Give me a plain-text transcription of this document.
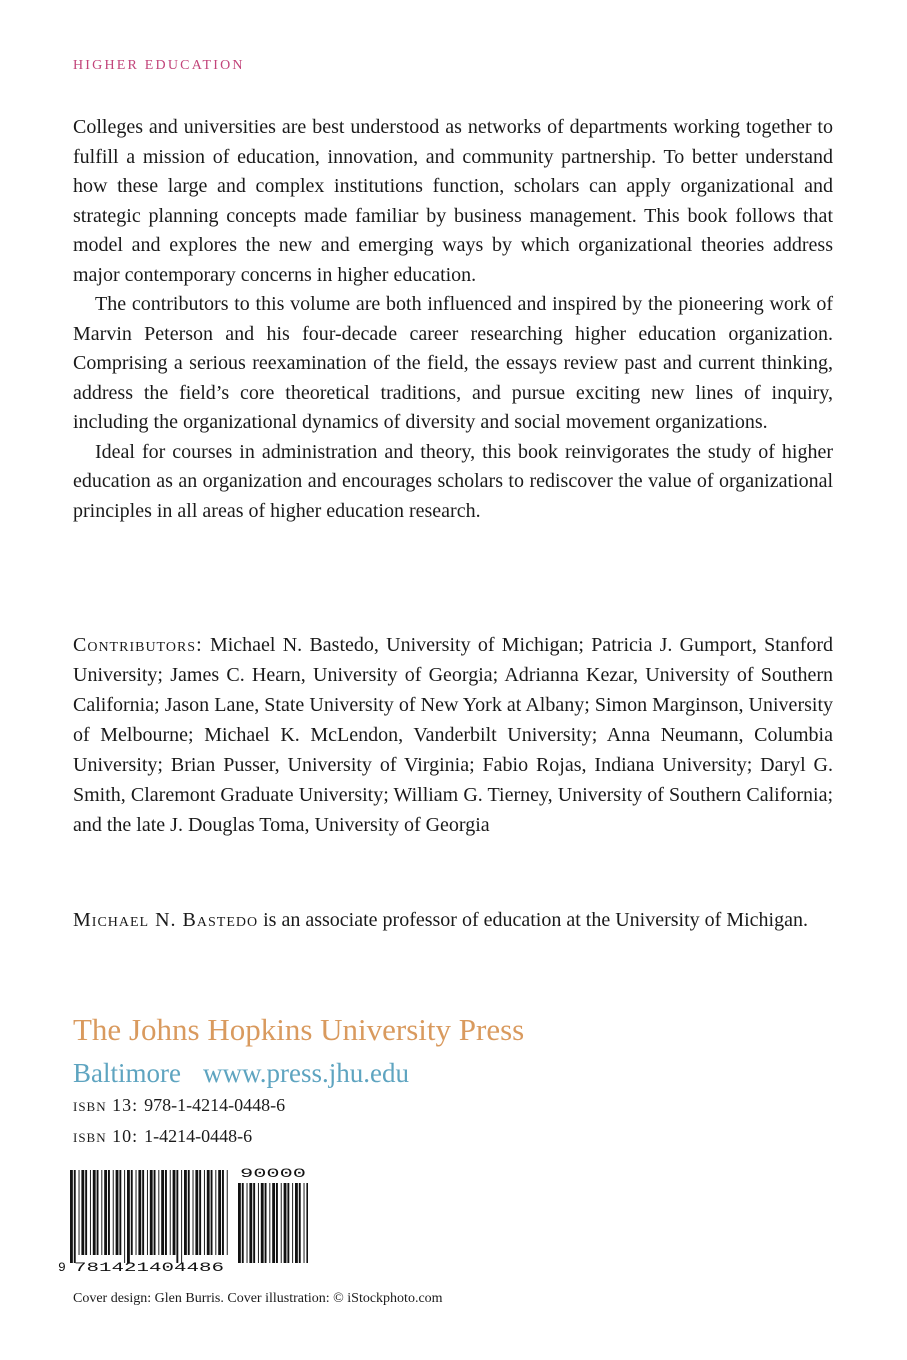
HIGHER EDUCATION

Colleges and universities are best understood as networks of departments working together to fulfill a mission of education, innovation, and community partnership. To better understand how these large and complex institutions function, scholars can apply organizational and strategic planning concepts made familiar by business management. This book follows that model and explores the new and emerging ways by which organizational theories address major contemporary concerns in higher education.

The contributors to this volume are both influenced and inspired by the pioneering work of Marvin Peterson and his four-decade career researching higher education organization. Comprising a serious reexamination of the field, the essays review past and current thinking, address the field’s core theoretical traditions, and pursue exciting new lines of inquiry, including the organizational dynamics of diversity and social movement organizations.

Ideal for courses in administration and theory, this book reinvigorates the study of higher education as an organization and encourages scholars to rediscover the value of organizational principles in all areas of higher education research.

Contributors: Michael N. Bastedo, University of Michigan; Patricia J. Gumport, Stanford University; James C. Hearn, University of Georgia; Adrianna Kezar, University of Southern California; Jason Lane, State University of New York at Albany; Simon Marginson, University of Melbourne; Michael K. McLendon, Vanderbilt University; Anna Neumann, Columbia University; Brian Pusser, University of Virginia; Fabio Rojas, Indiana University; Daryl G. Smith, Claremont Graduate University; William G. Tierney, University of Southern California; and the late J. Douglas Toma, University of Georgia

Michael N. Bastedo is an associate professor of education at the University of Michigan.

The Johns Hopkins University Press

Baltimore www.press.jhu.edu

isbn 13: 978-1-4214-0448-6

isbn 10: 1-4214-0448-6

9 781421404486
90000

Cover design: Glen Burris. Cover illustration: © iStockphoto.com
